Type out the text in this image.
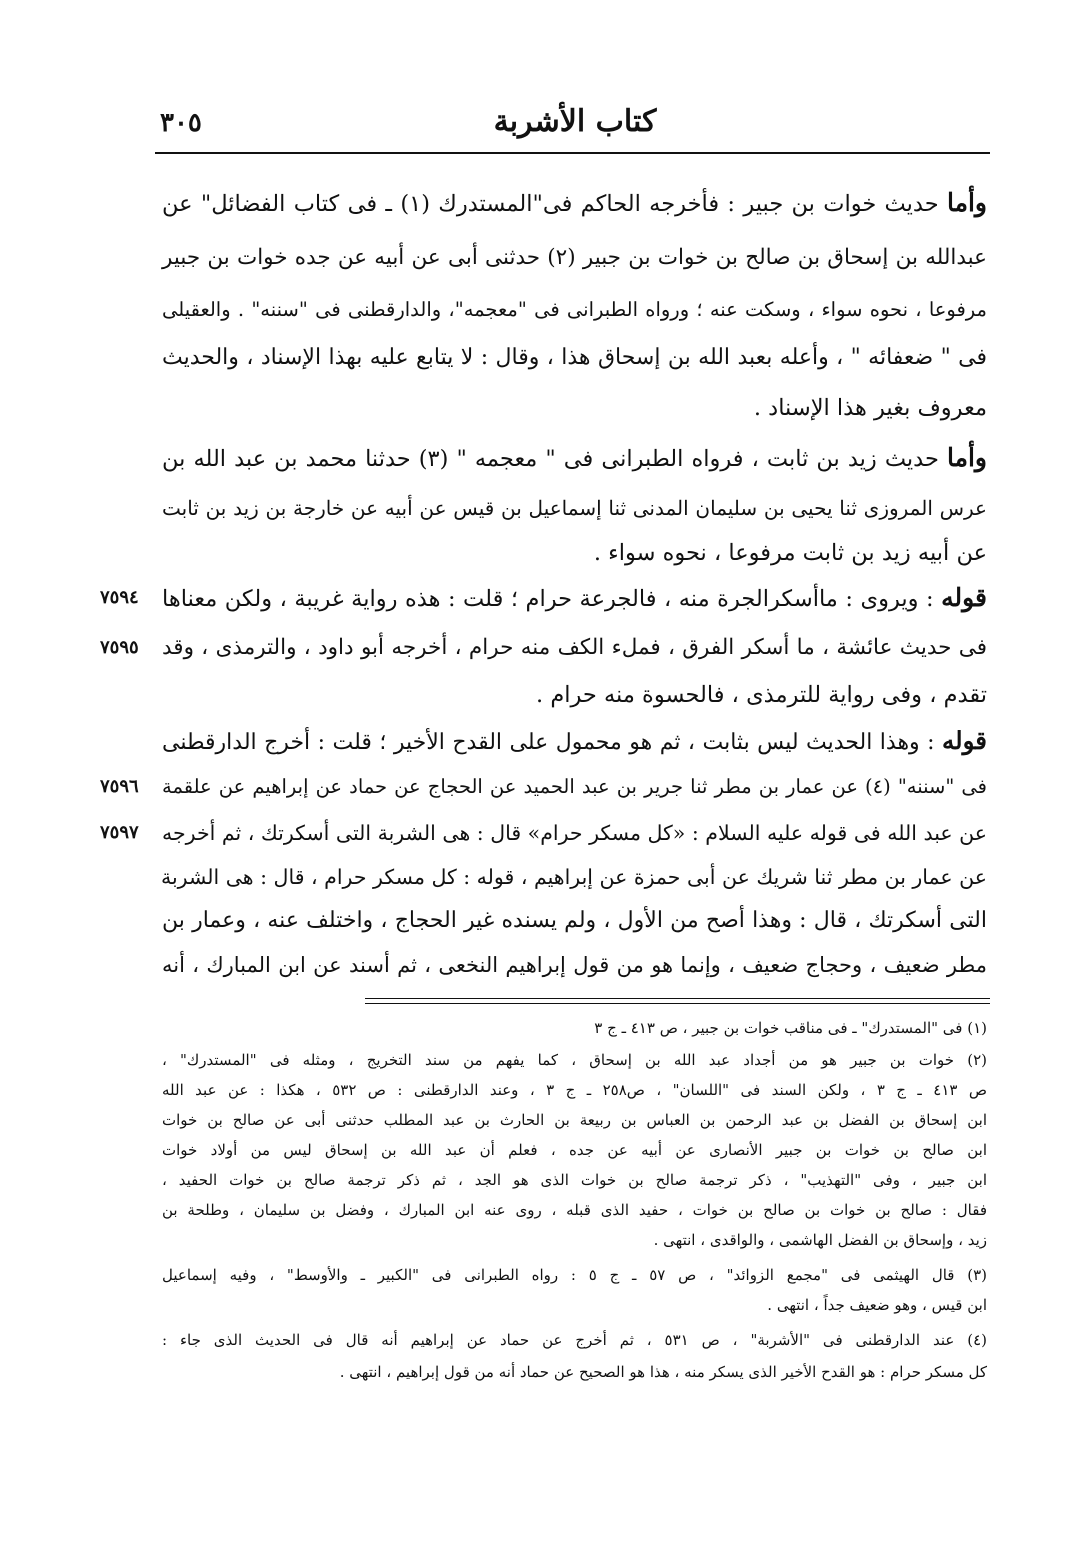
كتاب الأشربة
٣٠٥
وأما حديث خوات بن جبير : فأخرجه الحاكم فى"المستدرك (١) ـ فى كتاب الفضائل" عن
عبدالله بن إسحاق بن صالح بن خوات بن جبير (٢) حدثنى أبى عن أبيه عن جده خوات بن جبير
مرفوعا ، نحوه سواء ، وسكت عنه ؛ ورواه الطبرانى فى "معجمه"، والدارقطنى فى "سننه" . والعقيلى
فى " ضعفائه " ، وأعله بعبد الله بن إسحاق هذا ، وقال : لا يتابع عليه بهذا الإسناد ، والحديث
معروف بغير هذا الإسناد .
وأما حديث زيد بن ثابت ، فرواه الطبرانى فى " معجمه " (٣) حدثنا محمد بن عبد الله بن
عرس المروزى ثنا يحيى بن سليمان المدنى ثنا إسماعيل بن قيس عن أبيه عن خارجة بن زيد بن ثابت
عن أبيه زيد بن ثابت مرفوعا ، نحوه سواء .
قوله : ويروى : ماأسكرالجرة منه ، فالجرعة حرام ؛ قلت : هذه رواية غريبة ، ولكن معناها
فى حديث عائشة ، ما أسكر الفرق ، فملء الكف منه حرام ، أخرجه أبو داود ، والترمذى ، وقد
تقدم ، وفى رواية للترمذى ، فالحسوة منه حرام .
قوله : وهذا الحديث ليس بثابت ، ثم هو محمول على القدح الأخير ؛ قلت : أخرج الدارقطنى
فى "سننه" (٤) عن عمار بن مطر ثنا جرير بن عبد الحميد عن الحجاج عن حماد عن إبراهيم عن علقمة
عن عبد الله فى قوله عليه السلام : «كل مسكر حرام» قال : هى الشربة التى أسكرتك ، ثم أخرجه
عن عمار بن مطر ثنا شريك عن أبى حمزة عن إبراهيم ، قوله : كل مسكر حرام ، قال : هى الشربة
التى أسكرتك ، قال : وهذا أصح من الأول ، ولم يسنده غير الحجاج ، واختلف عنه ، وعمار بن
مطر ضعيف ، وحجاج ضعيف ، وإنما هو من قول إبراهيم النخعى ، ثم أسند عن ابن المبارك ، أنه
٧٥٩٤
٧٥٩٥
٧٥٩٦
٧٥٩٧
(١) فى "المستدرك" ـ فى مناقب خوات بن جبير ، ص ٤١٣ ـ ج ٣
(٢) خوات بن جبير هو من أجداد عبد الله بن إسحاق ، كما يفهم من سند التخريج ، ومثله فى "المستدرك" ،
ص ٤١٣ ـ ج ٣ ، ولكن السند فى "اللسان" ، ص٢٥٨ ـ ج ٣ ، وعند الدارقطنى : ص ٥٣٢ ، هكذا : عن عبد الله
ابن إسحاق بن الفضل بن عبد الرحمن بن العباس بن ربيعة بن الحارث بن عبد المطلب حدثنى أبى عن صالح بن خوات
ابن صالح بن خوات بن جبير الأنصارى عن أبيه عن جده ، فعلم أن عبد الله بن إسحاق ليس من أولاد خوات
ابن جبير ، وفى "التهذيب" ، ذكر ترجمة صالح بن خوات الذى هو الجد ، ثم ذكر ترجمة صالح بن خوات الحفيد ،
فقال : صالح بن خوات بن صالح بن خوات ، حفيد الذى قبله ، روى عنه ابن المبارك ، وفضل بن سليمان ، وطلحة بن
زيد ، وإسحاق بن الفضل الهاشمى ، والواقدى ، انتهى .
(٣) قال الهيثمى فى "مجمع الزوائد" ، ص ٥٧ ـ ج ٥ : رواه الطبرانى فى "الكبير ـ والأوسط" ، وفيه إسماعيل
ابن قيس ، وهو ضعيف جداً ، انتهى .
(٤) عند الدارقطنى فى "الأشربة" ، ص ٥٣١ ، ثم أخرج عن حماد عن إبراهيم أنه قال فى الحديث الذى جاء :
كل مسكر حرام : هو القدح الأخير الذى يسكر منه ، هذا هو الصحيح عن حماد أنه من قول إبراهيم ، انتهى .
